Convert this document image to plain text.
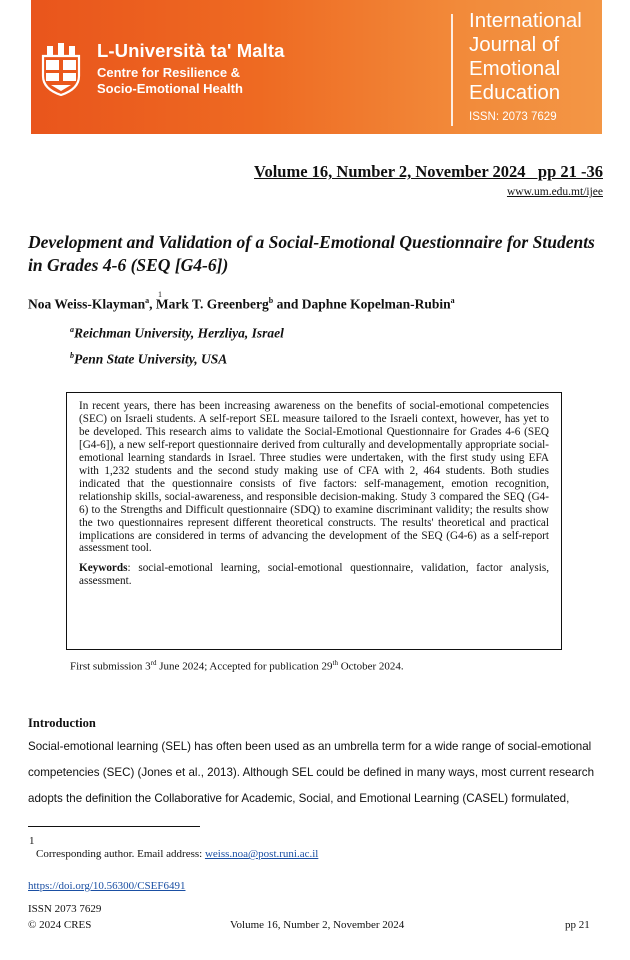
L-Università ta' Malta
Centre for Resilience &
Socio-Emotional Health
International
Journal of
Emotional
Education
ISSN: 2073 7629
Volume 16, Number 2, November 2024   pp 21 -36
www.um.edu.mt/ijee
Development and Validation of a Social-Emotional Questionnaire for Students in Grades 4-6 (SEQ [G4-6])
Noa Weiss-Klayman$^a$, Mark T. Greenberg$^b$ and Daphne Kopelman-Rubin$^a$
1
$^a$Reichman University, Herzliya, Israel
$^b$Penn State University, USA

In recent years, there has been increasing awareness on the benefits of social-emotional competencies (SEC) on Israeli students. A self-report SEL measure tailored to the Israeli context, however, has yet to be developed. This research aims to validate the Social-Emotional Questionnaire for Grades 4-6 (SEQ [G4-6]), a new self-report questionnaire derived from culturally and developmentally appropriate social-emotional learning standards in Israel. Three studies were undertaken, with the first study using EFA with 1,232 students and the second study making use of CFA with 2, 464 students. Both studies indicated that the questionnaire consists of five factors: self-management, emotion recognition, relationship skills, social-awareness, and responsible decision-making. Study 3 compared the SEQ (G4-6) to the Strengths and Difficult questionnaire (SDQ) to examine discriminant validity; the results show the two questionnaires represent different theoretical constructs. The results' theoretical and practical implications are considered in terms of advancing the development of the SEQ (G4-6) as a self-report assessment tool.

Keywords: social-emotional learning, social-emotional questionnaire, validation, factor analysis, assessment.

First submission 3rd June 2024; Accepted for publication 29th October 2024.
Introduction
Social-emotional learning (SEL) has often been used as an umbrella term for a wide range of social-emotional
competencies (SEC) (Jones et al., 2013). Although SEL could be defined in many ways, most current research
adopts the definition the Collaborative for Academic, Social, and Emotional Learning (CASEL) formulated,
1
Corresponding author. Email address: weiss.noa@post.runi.ac.il
https://doi.org/10.56300/CSEF6491
ISSN 2073 7629
© 2024 CRES	Volume 16, Number 2, November 2024	pp 21
